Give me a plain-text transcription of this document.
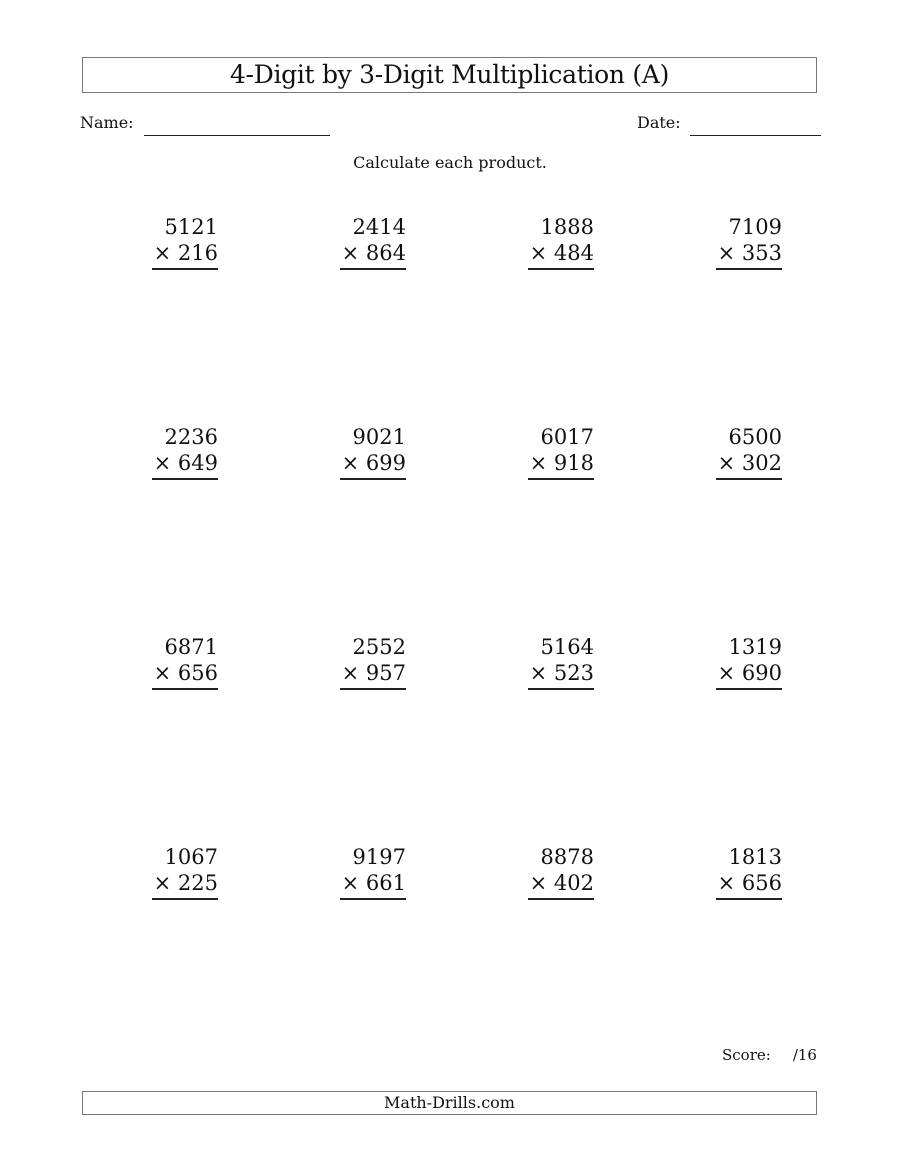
4-Digit by 3-Digit Multiplication (A)
Name:	Date:
Calculate each product.
5121
× 216
2414
× 864
1888
× 484
7109
× 353
2236
× 649
9021
× 699
6017
× 918
6500
× 302
6871
× 656
2552
× 957
5164
× 523
1319
× 690
1067
× 225
9197
× 661
8878
× 402
1813
× 656
Score: /16
Math-Drills.com
